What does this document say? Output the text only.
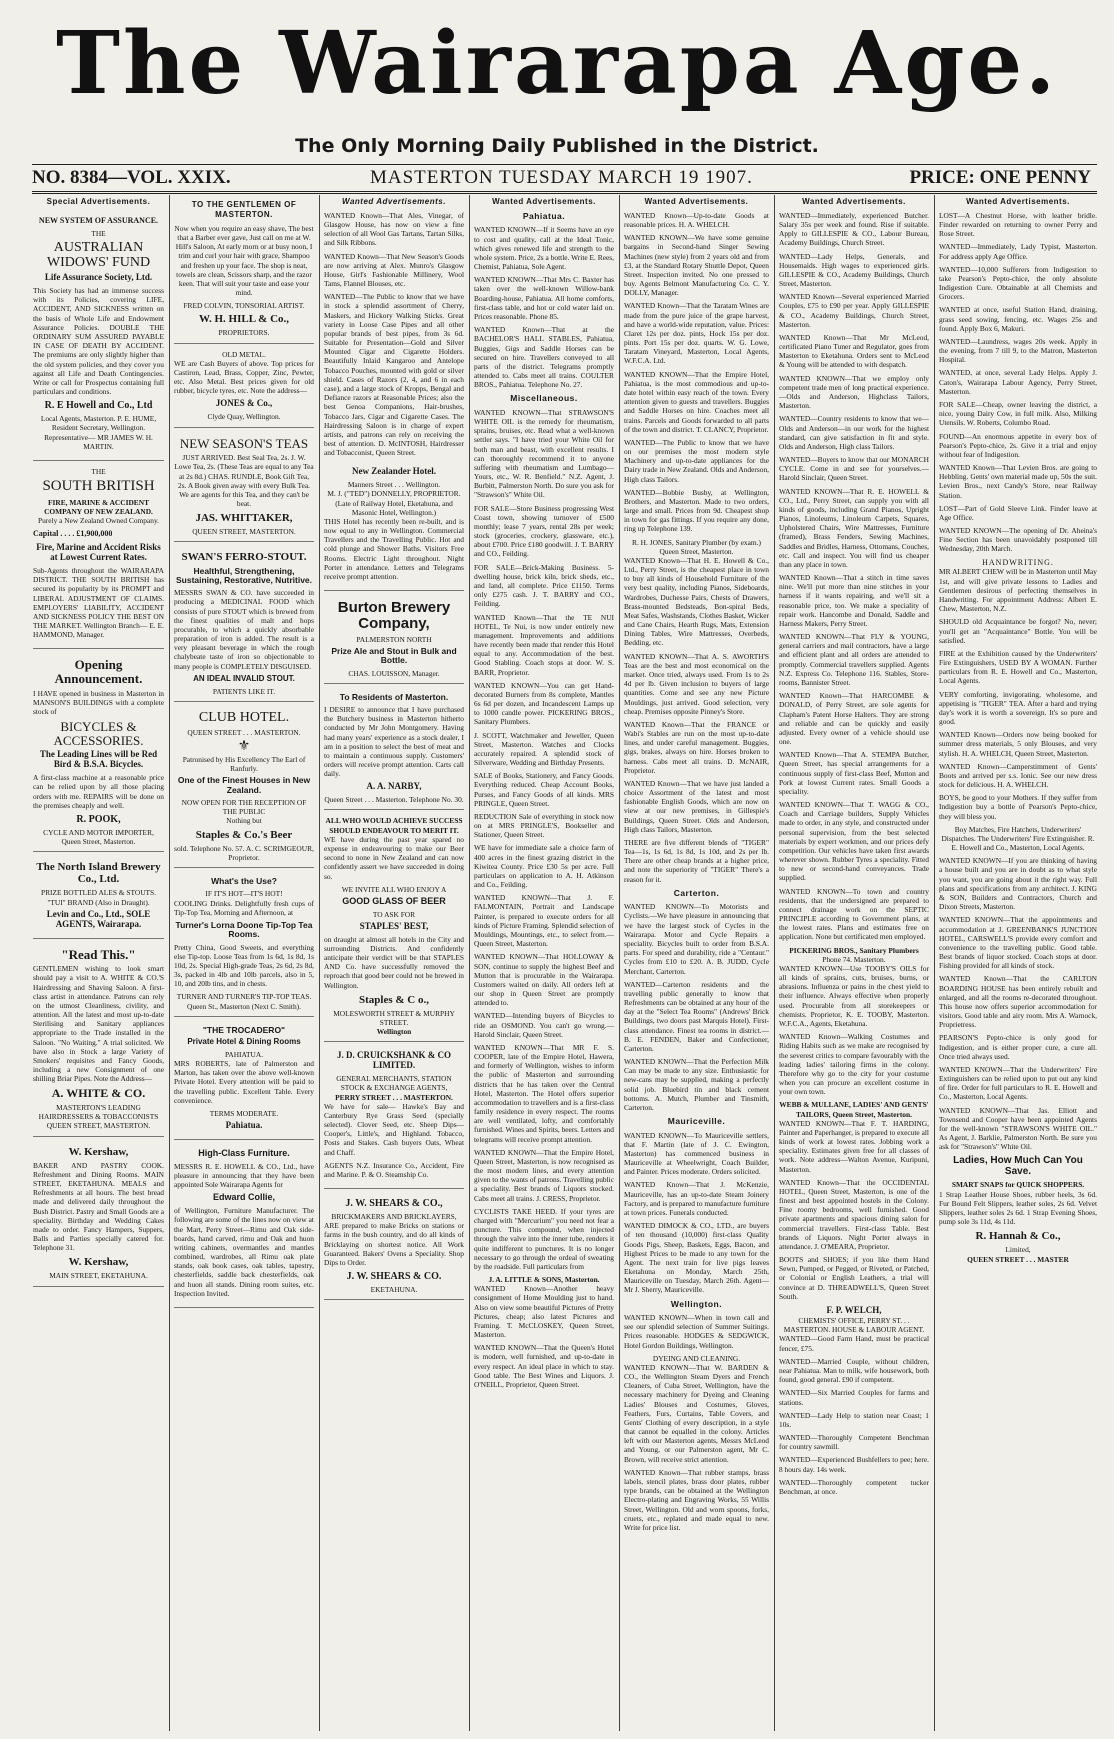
The Wairarapa Age.
The Only Morning Daily Published in the District.
NO. 8384—VOL. XXIX.	MASTERTON TUESDAY MARCH 19 1907.	PRICE: ONE PENNY
Special Advertisements.
NEW SYSTEM OF ASSURANCE.
THE
AUSTRALIAN WIDOWS' FUND
Life Assurance Society, Ltd.

This Society has had an immense success with its Policies, covering LIFE, ACCIDENT, AND SICKNESS written on the basis of Whole Life and Endowment Assurance Policies. DOUBLE THE ORDINARY SUM ASSURED PAYABLE IN CASE OF DEATH BY ACCIDENT. The premiums are only slightly higher than the old system policies, and they cover you against all Life and Death Contingencies. Write or call for Prospectus containing full particulars and conditions.

R. E Howell and Co., Ltd

Local Agents, Masterton. P. E. HUME, Resident Secretary, Wellington. Representative— MR JAMES W. H. MARTIN.

THE
SOUTH BRITISH
FIRE, MARINE & ACCIDENT COMPANY OF NEW ZEALAND.
Purely a New Zealand Owned Company.
Capital . . . . £1,900,000
Fire, Marine and Accident Risks at Lowest Current Rates.

Sub-Agents throughout the WAIRARAPA DISTRICT. THE SOUTH BRITISH has secured its popularity by its PROMPT and LIBERAL ADJUSTMENT OF CLAIMS. EMPLOYERS' LIABILITY, ACCIDENT AND SICKNESS POLICY THE BEST ON THE MARKET. Wellington Branch— E. E. HAMMOND, Manager.

Opening Announcement.

I HAVE opened in business in Masterton in MANSON'S BUILDINGS with a complete stock of

BICYCLES & ACCESSORIES.
The Leading Lines will be Red Bird & B.S.A. Bicycles.

A first-class machine at a reasonable price can be relied upon by all those placing orders with me. REPAIRS will be done on the premises cheaply and well.

R. POOK,
CYCLE AND MOTOR IMPORTER, Queen Street, Masterton.
The North Island Brewery Co., Ltd.
PRIZE BOTTLED ALES & STOUTS. "TUI" BRAND (Also in Draught).
Levin and Co., Ltd., SOLE AGENTS, Wairarapa.
"Read This."

GENTLEMEN wishing to look smart should pay a visit to A. WHITE & CO.'S Hairdressing and Shaving Saloon. A first-class artist in attendance. Patrons can rely on the utmost Cleanliness, civility, and attention. All the latest and most up-to-date Sterilising and Sanitary appliances appropriate to the Trade installed in the Saloon. "No Waiting." A trial solicited. We have also in Stock a large Variety of Smokers' requisites and Fancy Goods, including a new Consignment of one shilling Briar Pipes. Note the Address—

A. WHITE & CO.
MASTERTON'S LEADING HAIRDRESSERS & TOBACCONISTS QUEEN STREET, MASTERTON.
W. Kershaw,

BAKER AND PASTRY COOK. Refreshment and Dining Rooms. MAIN STREET, EKETAHUNA. MEALS and Refreshments at all hours. The best bread made and delivered daily throughout the Bush District. Pastry and Small Goods are a speciality. Birthday and Wedding Cakes made to order. Fancy Hampers, Suppers, Balls and Parties specially catered for. Telephone 31.

W. Kershaw,
MAIN STREET, EKETAHUNA.
TO THE GENTLEMEN OF MASTERTON.

Now when you require an easy shave, The best that a Barber ever gave, Just call on me at W. Hill's Saloon, At early morn or at busy noon, I trim and curl your hair with grace, Shampoo and freshen up your face. The shop is neat, towels are clean, Scissors sharp, and the razor keen. That will suit your taste and ease your mind.

FRED COLVIN, TONSORIAL ARTIST.
W. H. HILL & Co.,
PROPRIETORS.
OLD METAL.

WE are Cash Buyers of above. Top prices for Castiron, Lead, Brass, Copper, Zinc, Pewter, etc. Also Metal. Best prices given for old rubber, bicycle tyres, etc. Note the address—

JONES & Co.,
Clyde Quay, Wellington.
NEW SEASON'S TEAS

JUST ARRIVED. Best Seal Tea, 2s. J. W. Lowe Tea, 2s. (These Teas are equal to any Tea at 2s 8d.) CHAS. RUNDLE, Book Gift Tea, 2s. A Book given away with every Bulk Tea. We are agents for this Tea, and they can't be beat.

JAS. WHITTAKER,
QUEEN STREET, MASTERTON.
SWAN'S FERRO-STOUT.
Healthful, Strengthening, Sustaining, Restorative, Nutritive.

MESSRS SWAN & CO. have succeeded in producing a MEDICINAL FOOD which consists of pure STOUT which is brewed from the finest qualities of malt and hops procurable, to which a quickly absorbable preparation of iron is added. The result is a very pleasant beverage in which the rough chalybeate taste of iron so objectionable to many people is COMPLETELY DISGUISED.

AN IDEAL INVALID STOUT.
PATIENTS LIKE IT.
CLUB HOTEL.
QUEEN STREET . . . MASTERTON.
⚜
Patronised by His Excellency The Earl of Ranfurly.
One of the Finest Houses in New Zealand.
NOW OPEN FOR THE RECEPTION OF THE PUBLIC
Nothing but
Staples & Co.'s Beer
sold. Telephone No. 57. A. C. SCRIMGEOUR, Proprietor.
What's the Use?
IF IT'S HOT—IT'S HOT!

COOLING Drinks. Delightfully fresh cups of Tip-Top Tea, Morning and Afternoon, at

Turner's Lorna Doone Tip-Top Tea Rooms.

Pretty China, Good Sweets, and everything else Tip-top. Loose Teas from 1s 6d, 1s 8d, 1s 10d, 2s. Special High-grade Teas, 2s 6d, 2s 8d, 3s, packed in 4lb and 10lb parcels, also in 5, 10, and 20lb tins, and in chests.

TURNER AND TURNER'S TIP-TOP TEAS.
Queen St., Masterton (Next C. Smith).
"THE TROCADERO"
Private Hotel & Dining Rooms
PAHIATUA.

MRS ROBERTS, late of Palmerston and Marton, has taken over the above well-known Private Hotel. Every attention will be paid to the travelling public. Excellent Table. Every convenience.

TERMS MODERATE.
Pahiatua.
High-Class Furniture.

MESSRS R. E. HOWELL & CO., Ltd., have pleasure in announcing that they have been appointed Sole Wairarapa Agents for

Edward Collie,

of Wellington, Furniture Manufacturer. The following are some of the lines now on view at the Mart, Perry Street—Rimu and Oak side-boards, hand carved, rimu and Oak and huon writing cabinets, overmantles and mantles combined, wardrobes, all Rimu oak plate stands, oak book cases, oak tables, tapestry, chesterfields, saddle back chesterfields, oak and huon all stands. Dining room suites, etc. Inspection Invited.

Wanted Advertisements.

WANTED Known—That Ales, Vinegar, of Glasgow House, has now on view a fine selection of all Wool Gas Tartans, Tartan Silks, and Silk Ribbons.

WANTED Known—That New Season's Goods are now arriving at Alex. Munro's Glasgow House, Girl's Fashionable Millinery, Wool Tams, Flannel Blouses, etc.

WANTED—The Public to know that we have in stock a splendid assortment of Cherry, Maskers, and Hickory Walking Sticks. Great variety in Loose Case Pipes and all other popular brands of best pipes, from 3s 6d. Suitable for Presentation—Gold and Silver Mounted Cigar and Cigarette Holders. Beautifully Inlaid Kangaroo and Antelope Tobacco Pouches, mounted with gold or silver shield. Cases of Razors (2, 4, and 6 in each case), and a large stock of Kropps, Bengal and Defiance razors at Reasonable Prices; also the best Genoa Companions, Hair-brushes, Tobacco Jars, Cigar and Cigarette Cases. The Hairdressing Saloon is in charge of expert artists, and patrons can rely on receiving the best of attention. D. McINTOSH, Hairdresser and Tobacconist, Queen Street.

New Zealander Hotel.
Manners Street . . . Wellington.
M. J. ("TED") DONNELLY, PROPRIETOR. (Late of Railway Hotel, Eketahuna, and Masonic Hotel, Wellington.)

THIS Hotel has recently been re-built, and is now equal to any in Wellington. Commercial Travellers and the Travelling Public. Hot and cold plunge and Shower Baths. Visitors Free Rooms. Electric Light throughout. Night Porter in attendance. Letters and Telegrams receive prompt attention.

Burton Brewery Company,
PALMERSTON NORTH
Prize Ale and Stout in Bulk and Bottle.
CHAS. LOUISSON, Manager.
To Residents of Masterton.

I DESIRE to announce that I have purchased the Butchery business in Masterton hitherto conducted by Mr John Montgomery. Having had many years' experience as a stock dealer, I am in a position to select the best of meat and to maintain a continuous supply. Customers' orders will receive prompt attention. Carts call daily.

A. A. NARBY,
Queen Street . . . Masterton. Telephone No. 30.
ALL WHO WOULD ACHIEVE SUCCESS SHOULD ENDEAVOUR TO MERIT IT.

WE have during the past year spared no expense in endeavouring to make our Beer second to none in New Zealand and can now confidently assert we have succeeded in doing so.

WE INVITE ALL WHO ENJOY A
GOOD GLASS OF BEER
TO ASK FOR
STAPLES' BEST,

on draught at almost all hotels in the City and surrounding Districts. And confidently anticipate their verdict will be that STAPLES AND Co. have successfully removed the reproach that good beer could not be brewed in Wellington.

Staples & C o.,
MOLESWORTH STREET & MURPHY STREET.
Wellington
J. D. CRUICKSHANK & CO LIMITED.
GENERAL MERCHANTS, STATION STOCK & EXCHANGE AGENTS,
PERRY STREET . . . MASTERTON.

We have for sale— Hawke's Bay and Canterbury Rye Grass Seed (specially selected). Clover Seed, etc. Sheep Dips—Cooper's, Little's, and Highland. Tobacco, Posts and Stakes. Cash buyers Oats, Wheat and Chaff.

AGENTS N.Z. Insurance Co., Accident, Fire and Marine. P. & O. Steamship Co.

J. W. SHEARS & CO.,
BRICKMAKERS AND BRICKLAYERS,

ARE prepared to make Bricks on stations or farms in the bush country, and do all kinds of Bricklaying on shortest notice. All Work Guaranteed. Bakers' Ovens a Speciality. Shop Dips to Order.

J. W. SHEARS & CO.
EKETAHUNA.
Wanted Advertisements.
Pahiatua.

WANTED KNOWN—If it Seems have an eye to cost and quality, call at the Ideal Tonic, which gives renewed life and strength to the whole system. Price, 2s a bottle. Write E. Rees, Chemist, Pahiatua, Sole Agent.

WANTED KNOWN—That Mrs C. Baxter has taken over the well-known Willow-bank Boarding-house, Pahiatua. All home comforts, first-class table, and hot or cold water laid on. Prices reasonable. Phone 85.

WANTED Known—That at the BACHELOR'S HALL STABLES, Pahiatua, Buggies, Gigs and Saddle Horses can be secured on hire. Travellers conveyed to all parts of the district. Telegrams promptly attended to. Cabs meet all trains. COULTER BROS., Pahiatua. Telephone No. 27.

Miscellaneous.

WANTED KNOWN—That STRAWSON'S WHITE OIL is the remedy for rheumatism, sprains, bruises, etc. Read what a well-known settler says. "I have tried your White Oil for both man and beast, with excellent results. I can thoroughly recommend it to anyone suffering with rheumatism and Lumbago—Yours, etc., W. R. Benfield." N.Z. Agent, J. Burbitt, Palmerston North. Do sure you ask for "Strawson's" White Oil.

FOR SALE—Store Business progressing West Coast town, showing turnover of £500 monthly; lease 7 years, rental 28s per week; stock (groceries, crockery, glassware, etc.), about £700. Price £180 goodwill. J. T. BARRY and CO., Feilding.

FOR SALE—Brick-Making Business. 5-dwelling house, brick kiln, brick sheds, etc., and land, all complete. Price £1150. Terms only £275 cash. J. T. BARRY and CO., Feilding.

WANTED Known—That the TE NUI HOTEL, Te Nui, is now under entirely new management. Improvements and additions have recently been made that render this Hotel equal to any. Accommodation of the best. Good Stabling. Coach stops at door. W. S. BARR, Proprietor.

WANTED KNOWN—You can get Hand-decorated Burners from 8s complete, Mantles 6s 6d per dozen, and Incandescent Lamps up to 1000 candle power. PICKERING BROS., Sanitary Plumbers.

J. SCOTT, Watchmaker and Jeweller, Queen Street, Masterton. Watches and Clocks accurately repaired. A splendid stock of Silverware, Wedding and Birthday Presents.

SALE of Books, Stationery, and Fancy Goods. Everything reduced. Cheap Account Books, Purses, and Fancy Goods of all kinds. MRS PRINGLE, Queen Street.

REDUCTION Sale of everything in stock now on at MRS PRINGLE'S, Bookseller and Stationer, Queen Street.

WE have for immediate sale a choice farm of 400 acres in the finest grazing district in the Kiwitea County. Price £30 5s per acre. Full particulars on application to A. H. Atkinson and Co., Feilding.

WANTED KNOWN—That J. F. FALMONTAIN, Portrait and Landscape Painter, is prepared to execute orders for all kinds of Picture Framing. Splendid selection of Mouldings, Mountings, etc., to select from.—Queen Street, Masterton.

WANTED KNOWN—That HOLLOWAY & SON, continue to supply the highest Beef and Mutton that is procurable in the Wairarapa. Customers waited on daily. All orders left at our shop in Queen Street are promptly attended to.

WANTED—Intending buyers of Bicycles to ride an OSMOND. You can't go wrong.—Harold Sinclair, Queen Street.

WANTED KNOWN—That MR F. S. COOPER, late of the Empire Hotel, Hawera, and formerly of Wellington, wishes to inform the public of Masterton and surrounding districts that he has taken over the Central Hotel, Masterton. The Hotel offers superior accommodation to travellers and is a first-class family residence in every respect. The rooms are well ventilated, lofty, and comfortably furnished. Wines and Spirits, beers. Letters and telegrams will receive prompt attention.

WANTED KNOWN—That the Empire Hotel, Queen Street, Masterton, is now recognised as the most modern lines, and every attention given to the wants of patrons. Travelling public a speciality. Best brands of Liquors stocked. Cabs meet all trains. J. CRESS, Proprietor.

CYCLISTS TAKE HEED. If your tyres are charged with "Mercurium" you need not fear a puncture. This compound, when injected through the valve into the inner tube, renders it quite indifferent to punctures. It is no longer necessary to go through the ordeal of sweating by the roadside. Full particulars from

J. A. LITTLE & SONS, Masterton.

WANTED Known—Another heavy consignment of Home Moulding just to hand. Also on view some beautiful Pictures of Pretty Pictures, cheap; also latest Pictures and Framing. T. McCLOSKEY, Queen Street, Masterton.

WANTED KNOWN—That the Queen's Hotel is modern, well furnished, and up-to-date in every respect. An ideal place in which to stay. Good table. The Best Wines and Liquors. J. O'NEILL, Proprietor, Queen Street.

Wanted Advertisements.

WANTED Known—Up-to-date Goods at reasonable prices. H. A. WHELCH.

WANTED KNOWN—We have some genuine bargains in Second-hand Singer Sewing Machines (new style) from 2 years old and from £3, at the Standard Rotary Shuttle Depot, Queen Street. Inspection invited. No one pressed to buy. Agents Belmont Manufacturing Co. C. Y. DOLLY, Manager.

WANTED Known—That the Taratam Wines are made from the pure juice of the grape harvest, and have a world-wide reputation, value. Prices: Claret 12s per doz. pints, Hock 15s per doz. pints. Port 15s per doz. quarts. W. G. Lowe, Taratam Vineyard, Masterton, Local Agents, W.F.C.A. Ltd.

WANTED KNOWN—That the Empire Hotel, Pahiatua, is the most commodious and up-to-date hotel within easy reach of the town. Every attention given to guests and travellers. Buggies and Saddle Horses on hire. Coaches meet all trains. Parcels and Goods forwarded to all parts of the town and district. T. CLANCY, Proprietor.

WANTED—The Public to know that we have on our premises the most modern style Machinery and up-to-date appliances for the Dairy trade in New Zealand. Olds and Anderson, High class Tailors.

WANTED—Bobbie Busby, at Wellington, Brothers, and Masterton. Made to two orders, large and small. Prices from 9d. Cheapest shop in town for gas fittings. If you require any done, ring up Telephone 139.

R. H. JONES, Sanitary Plumber (by exam.) Queen Street, Masterton.

WANTED Known—That H. E. Howell & Co., Ltd., Perry Street, is the cheapest place in town to buy all kinds of Household Furniture of the very best quality, including Pianos, Sideboards, Wardrobes, Duchesse Pairs, Chests of Drawers, Brass-mounted Bedsteads, Bon-spiral Beds, Meat Safes, Washstands, Clothes Basket, Wicker and Cane Chairs, Hearth Rugs, Mats, Extension Dining Tables, Wire Mattresses, Overbeds, Bedding, etc.

WANTED KNOWN—That A. S. AWORTH'S Teas are the best and most economical on the market. Once tried, always used. From 1s to 2s 4d per lb. Given inclusion to buyers of large quantities. Come and see any new Picture Mouldings, just arrived. Good selection, very cheap. Premises opposite Pinney's Store.

WANTED Known—That the FRANCE or Wabi's Stables are run on the most up-to-date lines, and under careful management. Buggies, gigs, brakes, always on hire. Horses broken to harness. Cabs meet all trains. D. McNAIR, Proprietor.

WANTED Known—That we have just landed a choice Assortment of the latest and most fashionable English Goods, which are now on view at our new premises, in Gillespie's Buildings, Queen Street. Olds and Anderson, High class Tailors, Masterton.

THERE are five different blends of "TIGER" Tea—1s, 1s 6d, 1s 8d, 1s 10d, and 2s per lb. There are other cheap brands at a higher price, and note the superiority of "TIGER" There's a reason for it.

Carterton.

WANTED KNOWN—To Motorists and Cyclists.—We have pleasure in announcing that we have the largest stock of Cycles in the Wairarapa. Motor and Cycle Repairs a speciality. Bicycles built to order from B.S.A. parts. For speed and durability, ride a "Centaur." Cycles from £10 to £20. A. B. JUDD, Cycle Merchant, Carterton.

WANTED—Carterton residents and the travelling public generally to know that Refreshments can be obtained at any hour of the day at the "Select Tea Rooms" (Andrews' Brick Buildings, two doors past Marquis Hotel). First-class attendance. Finest tea rooms in district.—B. E. FENDEN, Baker and Confectioner, Carterton.

WANTED KNOWN—That the Perfection Milk Can may be made to any size. Enthusiastic for new-cans may be supplied, making a perfectly solid job. Bluebird tin and black cement bottoms. A. Mutch, Plumber and Tinsmith, Carterton.

Mauriceville.

WANTED KNOWN—To Mauriceville settlers, that F. Martin (late of J. C. Ewington, Masterton) has commenced business in Mauriceville at Wheelwright, Coach Builder, and Painter. Prices moderate. Orders solicited.

WANTED Known—That J. McKenzie, Mauriceville, has an up-to-date Steam Joinery Factory, and is prepared to manufacture furniture at town prices. Funerals conducted.

WANTED DIMOCK & CO., LTD., are buyers of ten thousand (10,000) first-class Quality Goods Pigs, Sheep, Baskets, Eggs, Bacon, and Highest Prices to be made to any town for the Agent. The next train for live pigs leaves Eketahuna on Monday, March 25th, Mauriceville on Tuesday, March 26th. Agent—Mr J. Sherry, Mauriceville.

Wellington.

WANTED KNOWN—When in town call and see our splendid selection of Summer Suitings. Prices reasonable. HODGES & SEDGWICK, Hotel Gordon Buildings, Wellington.

DYEING AND CLEANING.

WANTED KNOWN—That W. BARDEN & CO., the Wellington Steam Dyers and French Cleaners, of Cuba Street, Wellington, have the necessary machinery for Dyeing and Cleaning Ladies' Blouses and Costumes, Gloves, Feathers, Furs, Curtains, Table Covers, and Gents' Clothing of every description, in a style that cannot be equalled in the colony. Articles left with our Masterton agents, Messrs McLeod and Young, or our Palmerston agent, Mr C. Brown, will receive strict attention.

WANTED Known—That rubber stamps, brass labels, stencil plates, brass door plates, rubber type brands, can be obtained at the Wellington Electro-plating and Engraving Works, 55 Willis Street, Wellington. Old and worn spoons, forks, cruets, etc., replated and made equal to new. Write for price list.

Wanted Advertisements.

WANTED—Immediately, experienced Butcher. Salary 35s per week and found. Rise if suitable. Apply to GILLESPIE & CO., Labour Bureau, Academy Buildings, Church Street.

WANTED—Lady Helps, Generals, and Housemaids. High wages to experienced girls. GILLESPIE & CO., Academy Buildings, Church Street, Masterton.

WANTED Known—Several experienced Married Couples, £75 to £90 per year. Apply GILLESPIE & CO., Academy Buildings, Church Street, Masterton.

WANTED Known—That Mr McLeod, certificated Piano Tuner and Regulator, goes from Masterton to Eketahuna. Orders sent to McLeod & Young will be attended to with despatch.

WANTED KNOWN—That we employ only competent trade men of long practical experience.—Olds and Anderson, Highclass Tailors, Masterton.

WANTED—Country residents to know that we—Olds and Anderson—in our work for the highest standard, can give satisfaction in fit and style. Olds and Anderson, High class Tailors.

WANTED—Buyers to know that our MONARCH CYCLE. Come in and see for yourselves.—Harold Sinclair, Queen Street.

WANTED KNOWN—That R. E. HOWELL & CO., Ltd., Perry Street, can supply you with all kinds of goods, including Grand Pianos, Upright Pianos, Linoleums, Linoleum Carpets, Squares, Upholstered Chairs, Wire Mattresses, Furniture (framed), Brass Fenders, Sewing Machines, Saddles and Bridles, Harness, Ottomans, Couches, etc. Call and inspect. You will find us cheaper than any place in town.

WANTED Known—That a stitch in time saves nine. We'll put more than nine stitches in your harness if it wants repairing, and we'll sit a reasonable price, too. We make a speciality of repair work. Hancombe and Donald, Saddle and Harness Makers, Perry Street.

WANTED KNOWN—That FLY & YOUNG, general carriers and mail contractors, have a large and efficient plant and all orders are attended to promptly. Commercial travellers supplied. Agents N.Z. Express Co. Telephone 116. Stables, Store-rooms, Bannister Street.

WANTED Known—That HARCOMBE & DONALD, of Perry Street, are sole agents for Clapham's Patent Horse Halters. They are strong and reliable and can be quickly and easily adjusted. Every owner of a vehicle should use one.

WANTED Known—That A. STEMPA Butcher, Queen Street, has special arrangements for a continuous supply of first-class Beef, Mutton and Pork at lowest Current rates. Small Goods a speciality.

WANTED KNOWN—That T. WAGG & CO., Coach and Carriage builders, Supply Vehicles made to order, in any style, and constructed under personal supervision, from the best selected materials by expert workmen, and our prices defy competition. Our vehicles have taken first awards wherever shown. Rubber Tyres a speciality. Fitted to new or second-hand conveyances. Trade supplied.

WANTED KNOWN—To town and country residents, that the undersigned are prepared to connect drainage work on the SEPTIC PRINCIPLE according to Government plans, at the lowest rates. Plans and estimates free on application. None but certificated men employed.

PICKERING BROS., Sanitary Plumbers
Phone 74. Masterton.

WANTED KNOWN—Use TOOBY'S OILS for all kinds of sprains, cuts, bruises, burns, or abrasions. Influenza or pains in the chest yield to their influence. Always effective when properly used. Procurable from all storekeepers or chemists. Proprietor, K. E. TOOBY, Masterton. W.F.C.A., Agents, Eketahuna.

WANTED Known—Walking Costumes and Riding Habits such as we make are recognised by the severest critics to compare favourably with the leading ladies' tailoring firms in the colony. Therefore why go to the city for your costume when you can procure an excellent costume in your own town.

WEBB & MULLANE, LADIES' AND GENTS' TAILORS, Queen Street, Masterton.

WANTED KNOWN—That F. T. HARDING, Painter and Paperhanger, is prepared to execute all kinds of work at lowest rates. Jobbing work a speciality. Estimates given free for all classes of work. Note address—Walton Avenue, Kuripuni, Masterton.

WANTED Known—That the OCCIDENTAL HOTEL, Queen Street, Masterton, is one of the finest and best appointed hostels in the Colony. Fine roomy bedrooms, well furnished. Good private apartments and spacious dining salon for commercial travellers. First-class Table. Best brands of Liquors. Night Porter always in attendance. J. O'MEARA, Proprietor.

BOOTS and SHOES; if you like them Hand Sewn, Pumped, or Pegged, or Riveted, or Patched, or Colonial or English Leathers, a trial will convince at D. THREADWELL'S, Queen Street South.

F. P. WELCH,
CHEMISTS' OFFICE, PERRY ST. . . MASTERTON. HOUSE & LABOUR AGENT.

WANTED—Good Farm Hand, must be practical fencer, £75.

WANTED—Married Couple, without children, near Pahiatua. Man to milk, wife housework, both found, good general. £90 if competent.

WANTED—Six Married Couples for farms and stations.

WANTED—Lady Help to station near Coast; 1 10s.

WANTED—Thoroughly Competent Benchman for country sawmill.

WANTED—Experienced Bushfellers to pee; here. 8 hours day. 14s week.

WANTED—Thoroughly competent tucker Benchman, at once.

Wanted Advertisements.

LOST—A Chestnut Horse, with leather bridle. Finder rewarded on returning to owner Perry and Rose Street.

WANTED—Immediately, Lady Typist, Masterton. For address apply Age Office.

WANTED—10,000 Sufferers from Indigestion to take Pearson's Pepto-chice, the only absolute Indigestion Cure. Obtainable at all Chemists and Grocers.

WANTED at once, useful Station Hand, draining, grass seed sowing, fencing, etc. Wages 25s and found. Apply Box 6, Makuri.

WANTED—Laundress, wages 20s week. Apply in the evening, from 7 till 9, to the Matron, Masterton Hospital.

WANTED, at once, several Lady Helps. Apply J. Caton's, Wairarapa Labour Agency, Perry Street, Masterton.

FOR SALE—Cheap, owner leaving the district, a nice, young Dairy Cow, in full milk. Also, Milking Utensils. W. Roberts, Columbo Road.

FOUND—An enormous appetite in every box of Pearson's Pepto-chice, 2s. Give it a trial and enjoy without fear of Indigestion.

WANTED Known—That Levien Bros. are going to Hebbling. Gents' own material made up, 50s the suit. Levien Bros., next Candy's Store, near Railway Station.

LOST—Part of Gold Sleeve Link. Finder leave at Age Office.

WANTED KNOWN—The opening of Dr. Aheina's Fine Section has been unavoidably postponed till Wednesday, 20th March.

HANDWRITING.

MR ALBERT CHEW will be in Masterton until May 1st, and will give private lessons to Ladies and Gentlemen desirous of perfecting themselves in Handwriting. For appointment Address: Albert E. Chew, Masterton, N.Z.

SHOULD old Acquaintance be forgot? No, never; you'll get an "Acquaintance" Bottle. You will be satisfied.

FIRE at the Exhibition caused by the Underwriters' Fire Extinguishers, USED BY A WOMAN. Further particulars from R. E. Howell and Co., Masterton, Local Agents.

VERY comforting, invigorating, wholesome, and appetising is "TIGER" TEA. After a hard and trying day's work it is worth a sovereign. It's so pure and good.

WANTED Known—Orders now being booked for summer dress materials, 5 only Blouses, and very stylish. H. A. WHELCH, Queen Street, Masterton.

WANTED Known—Camperstimment of Gents' Boots and arrived per s.s. Ionic. See our new dress stock for delicious. H. A. WHELCH.

BOYS, be good to your Mothers. If they suffer from Indigestion buy a bottle of Pearson's Pepto-chice, they will bless you.

Boy Matches, Fire Hatchets, Underwriters' Dispatches. The Underwriters' Fire Extinguisher. R. E. Howell and Co., Masterton, Local Agents.

WANTED KNOWN—If you are thinking of having a house built and you are in doubt as to what style you want, you are going about it the right way. Full plans and specifications from any architect. J. KING & SON, Builders and Contractors, Church and Dixon Streets, Masterton.

WANTED KNOWN—That the appointments and accommodation at J. GREENBANK'S JUNCTION HOTEL, CARSWELL'S provide every comfort and convenience to the travelling public. Good table. Best brands of liquor stocked. Coach stops at door. Fishing provided for all kinds of stock.

WANTED Known—That the CARLTON BOARDING HOUSE has been entirely rebuilt and enlarged, and all the rooms re-decorated throughout. This house now offers superior accommodation for visitors. Good table and airy room. Mrs A. Warnock, Proprietress.

PEARSON'S Pepto-chice is only good for Indigestion, and is either proper cure, a cure all. Once tried always used.

WANTED KNOWN—That the Underwriters' Fire Extinguishers can be relied upon to put out any kind of fire. Order for full particulars to R. E. Howell and Co., Masterton, Local Agents.

WANTED KNOWN—That Jas. Elliott and Townsend and Cooper have been appointed Agents for the well-known "STRAWSON'S WHITE OIL." As Agent, J. Barklie, Palmerston North. Be sure you ask for "Strawson's" White Oil.

Ladies, How Much Can You Save.
SMART SNAPS for QUICK SHOPPERS.

1 Strap Leather House Shoes, rubber heels, 3s 6d. Fur Bound Felt Slippers, leather soles, 2s 6d. Velvet Slippers, leather soles 2s 6d. 1 Strap Evening Shoes, pump sole 3s 11d, 4s 11d.

R. Hannah & Co.,
Limited,
QUEEN STREET . . . MASTER
